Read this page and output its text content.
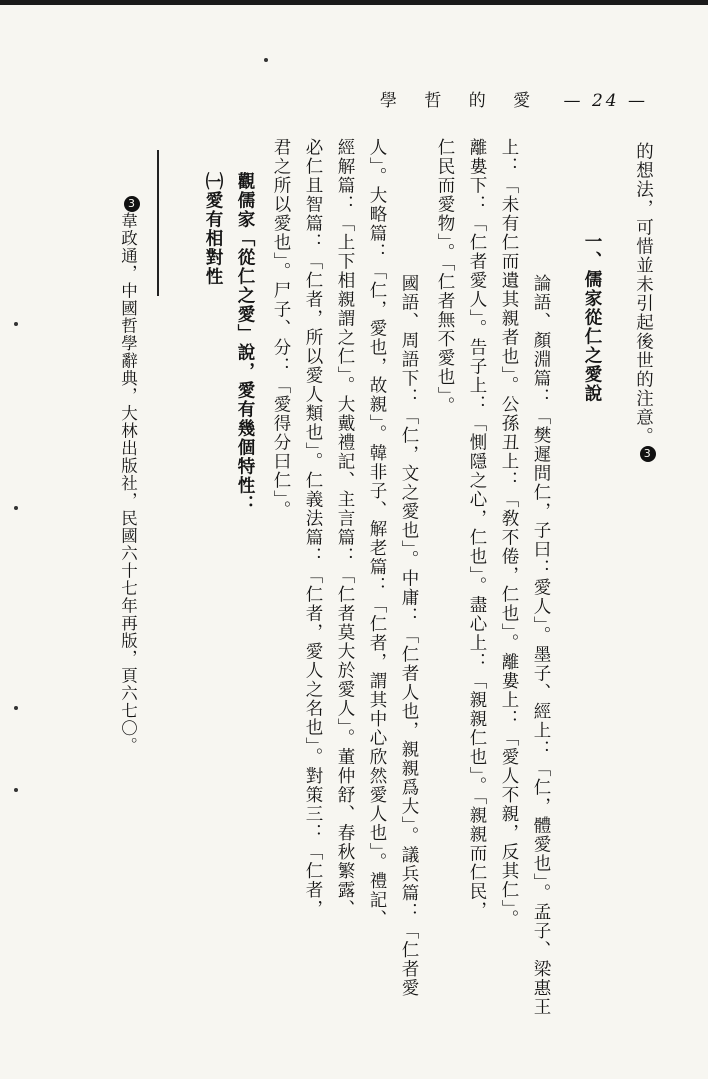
學 哲 的 愛 — 24 —
的想法，可惜並未引起後世的注意。3
一、儒家從仁之愛說
論語、顏淵篇：「樊遲問仁，子曰：愛人」。墨子、經上：「仁，體愛也」。孟子、梁惠王
上：「未有仁而遺其親者也」。公孫丑上：「敎不倦，仁也」。離婁上：「愛人不親，反其仁」。
離婁下：「仁者愛人」。告子上：「惻隱之心，仁也」。盡心上：「親親仁也」。「親親而仁民，
仁民而愛物」。「仁者無不愛也」。
國語、周語下：「仁，文之愛也」。中庸：「仁者人也，親親爲大」。議兵篇：「仁者愛
人」。大略篇：「仁，愛也，故親」。韓非子、解老篇：「仁者，謂其中心欣然愛人也」。禮記、
經解篇：「上下相親謂之仁」。大戴禮記、主言篇：「仁者莫大於愛人」。董仲舒、春秋繁露、
必仁且智篇：「仁者，所以愛人類也」。仁義法篇：「仁者，愛人之名也」。對策三：「仁者，
君之所以愛也」。尸子、分：「愛得分曰仁」。
觀儒家「從仁之愛」說，愛有幾個特性：
㈠愛有相對性
3韋政通，中國哲學辭典，大林出版社，民國六十七年再版，頁六七〇。
